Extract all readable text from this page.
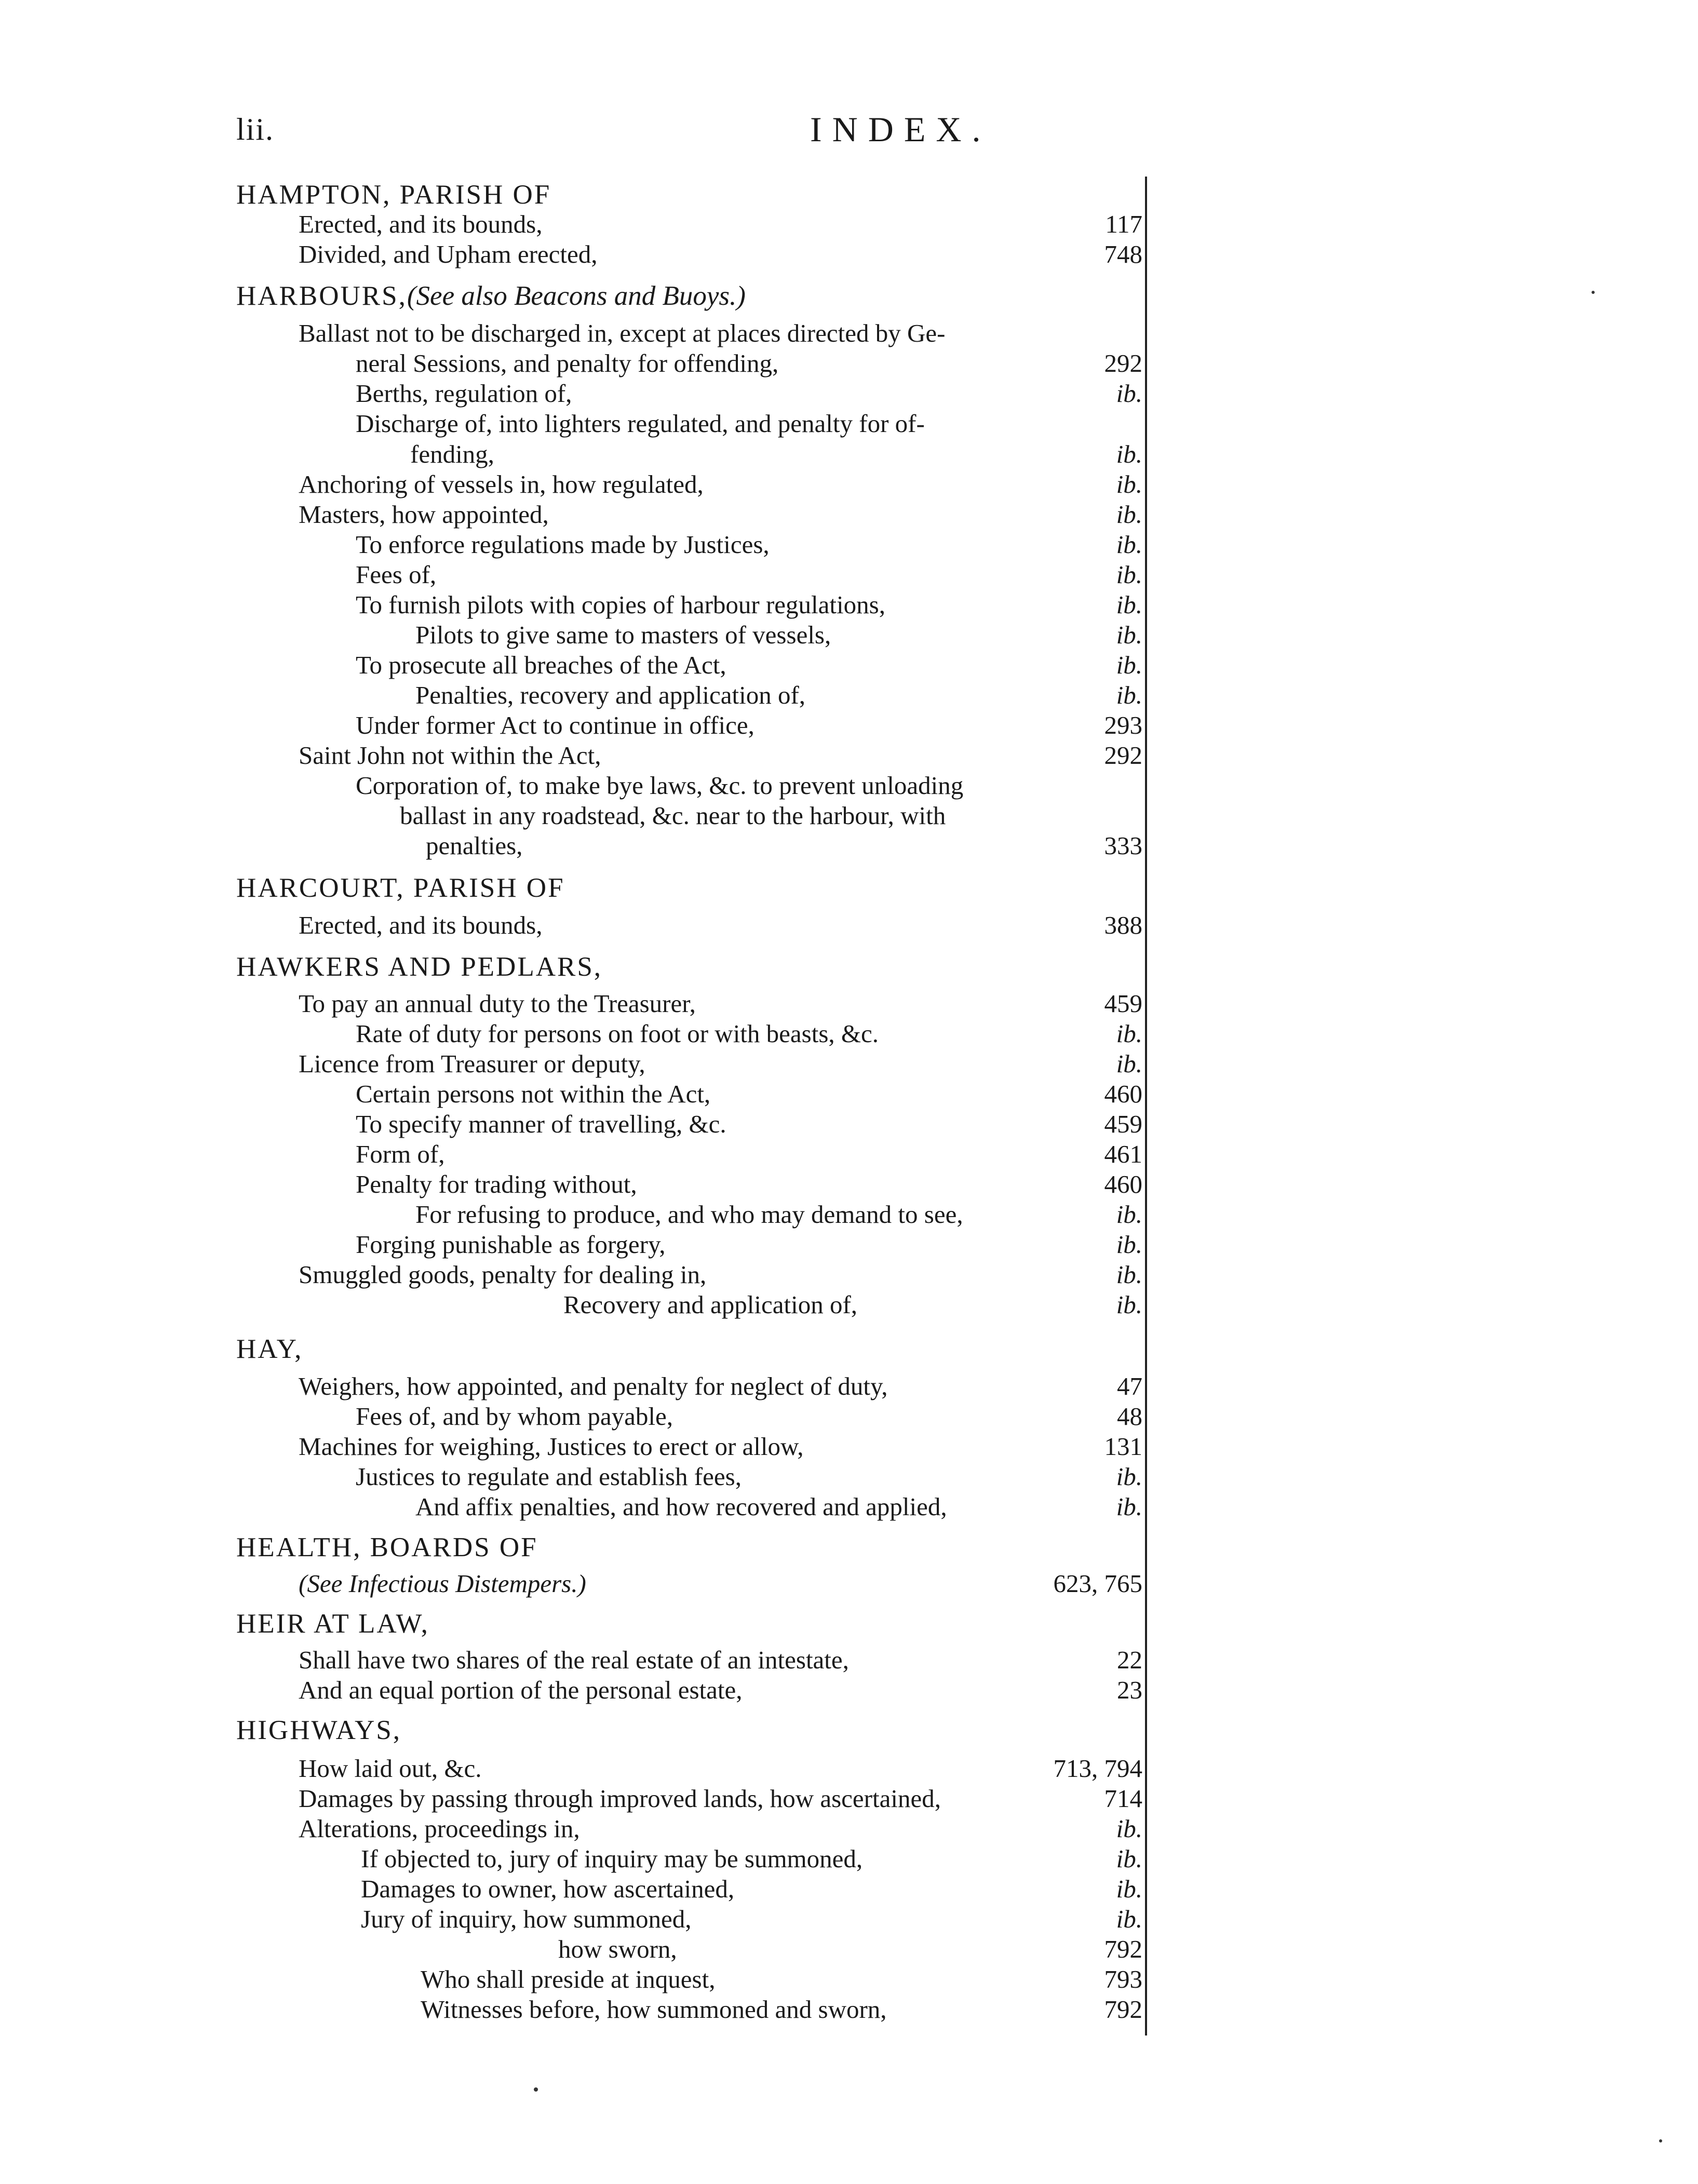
lii.	INDEX.
HAMPTON, PARISH OF
Erected, and its bounds,	117
Divided, and Upham erected,	748
HARBOURS,(See also Beacons and Buoys.)
Ballast not to be discharged in, except at places directed by Ge-
neral Sessions, and penalty for offending,	292
Berths, regulation of,	ib.
Discharge of, into lighters regulated, and penalty for of-
fending,	ib.
Anchoring of vessels in, how regulated,	ib.
Masters, how appointed,	ib.
To enforce regulations made by Justices,	ib.
Fees of,	ib.
To furnish pilots with copies of harbour regulations,	ib.
Pilots to give same to masters of vessels,	ib.
To prosecute all breaches of the Act,	ib.
Penalties, recovery and application of,	ib.
Under former Act to continue in office,	293
Saint John not within the Act,	292
Corporation of, to make bye laws, &c. to prevent unloading
ballast in any roadstead, &c. near to the harbour, with
penalties,	333
HARCOURT, PARISH OF
Erected, and its bounds,	388
HAWKERS AND PEDLARS,
To pay an annual duty to the Treasurer,	459
Rate of duty for persons on foot or with beasts, &c.	ib.
Licence from Treasurer or deputy,	ib.
Certain persons not within the Act,	460
To specify manner of travelling, &c.	459
Form of,	461
Penalty for trading without,	460
For refusing to produce, and who may demand to see,	ib.
Forging punishable as forgery,	ib.
Smuggled goods, penalty for dealing in,	ib.
Recovery and application of,	ib.
HAY,
Weighers, how appointed, and penalty for neglect of duty,	47
Fees of, and by whom payable,	48
Machines for weighing, Justices to erect or allow,	131
Justices to regulate and establish fees,	ib.
And affix penalties, and how recovered and applied,	ib.
HEALTH, BOARDS OF
(See Infectious Distempers.)	623, 765
HEIR AT LAW,
Shall have two shares of the real estate of an intestate,	22
And an equal portion of the personal estate,	23
HIGHWAYS,
How laid out, &c.	713, 794
Damages by passing through improved lands, how ascertained,	714
Alterations, proceedings in,	ib.
If objected to, jury of inquiry may be summoned,	ib.
Damages to owner, how ascertained,	ib.
Jury of inquiry, how summoned,	ib.
how sworn,	792
Who shall preside at inquest,	793
Witnesses before, how summoned and sworn,	792
